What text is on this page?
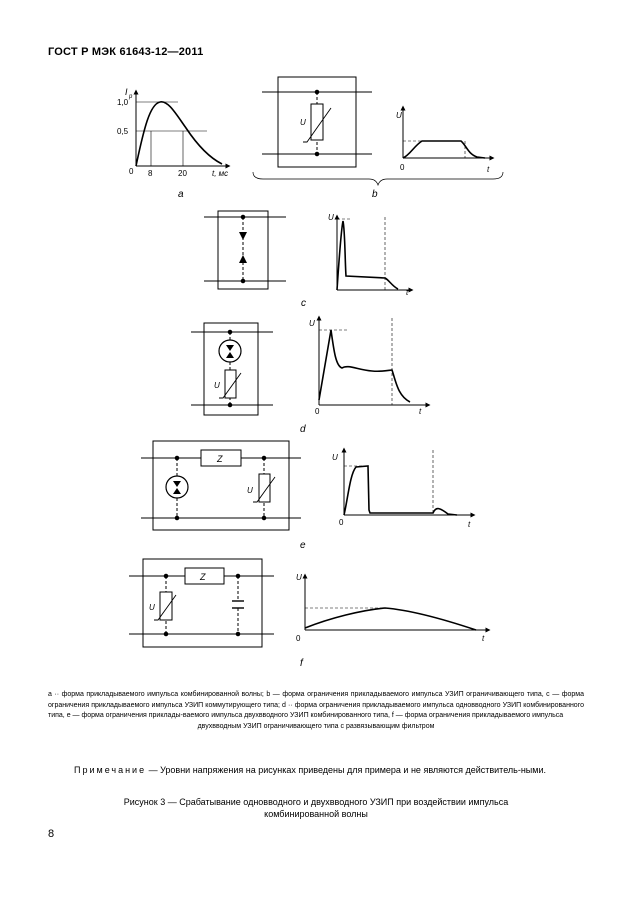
ГОСТ Р МЭК 61643-12—2011
I p
1,0
0,5
0 8	20	t, мс
a
U
U
0	t
b
U
t
c
U
U
0	t
d
Z
U
U
0	t
e
Z
U
U
0	t
f
a ·· форма прикладываемого импульса комбинированной волны; b — форма ограничения прикладываемого импульса УЗИП ограничивающего типа, c — форма ограничения прикладываемого импульса УЗИП коммутирующего типа; d ·· форма ограничения прикладываемого импульса одновводного УЗИП комбинированного типа, e — форма ограничения приклады-ваемого импульса двухвводного УЗИП комбинированного типа, f — форма ограничения прикладываемого импульса
двухвводным УЗИП ограничивающего типа с развязывающим фильтром
Примечание — Уровни напряжения на рисунках приведены для примера и не являются действитель-ными.
Рисунок 3 — Срабатывание одновводного и двухвводного УЗИП при воздействии импульса
комбинированной волны
8
